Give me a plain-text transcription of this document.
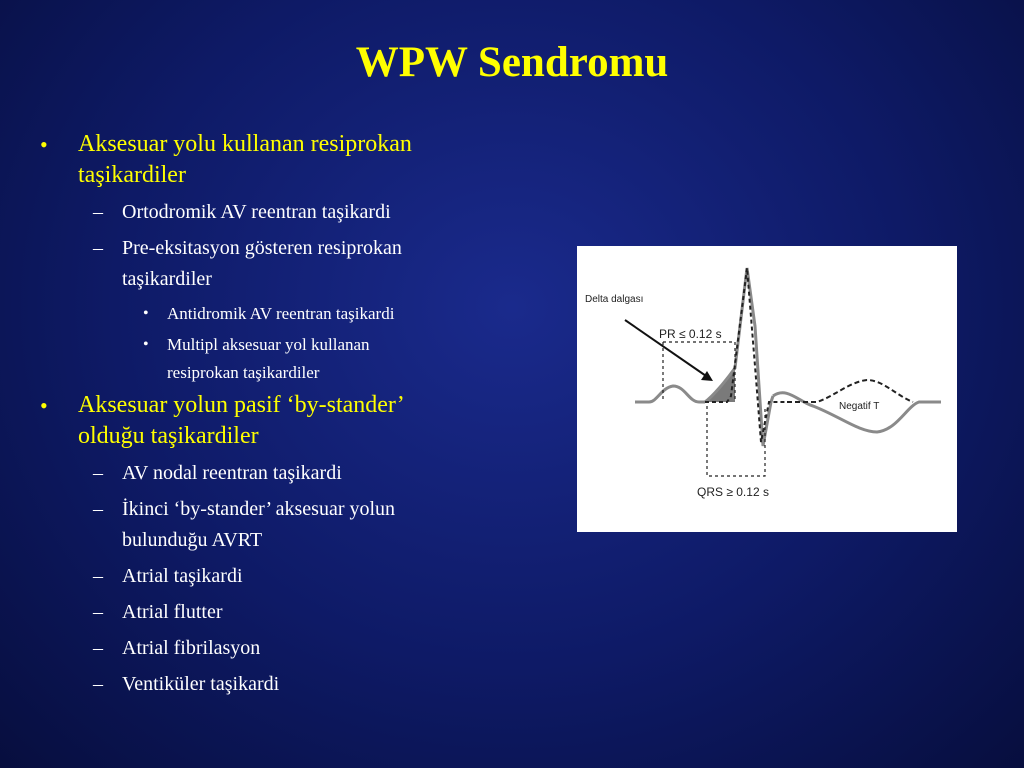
WPW Sendromu
• Aksesuar yolu kullanan resiprokan
taşikardiler
– Ortodromik AV reentran taşikardi
– Pre-eksitasyon gösteren resiprokan
taşikardiler
• Antidromik AV reentran taşikardi
• Multipl aksesuar yol kullanan
resiprokan taşikardiler
• Aksesuar yolun pasif ‘by-stander’
olduğu taşikardiler
– AV nodal reentran taşikardi
– İkinci ‘by-stander’ aksesuar yolun
bulunduğu AVRT
– Atrial taşikardi
– Atrial flutter
– Atrial fibrilasyon
– Ventiküler taşikardi
Delta dalgası
PR ≤ 0.12 s
QRS ≥ 0.12 s
Negatif T
